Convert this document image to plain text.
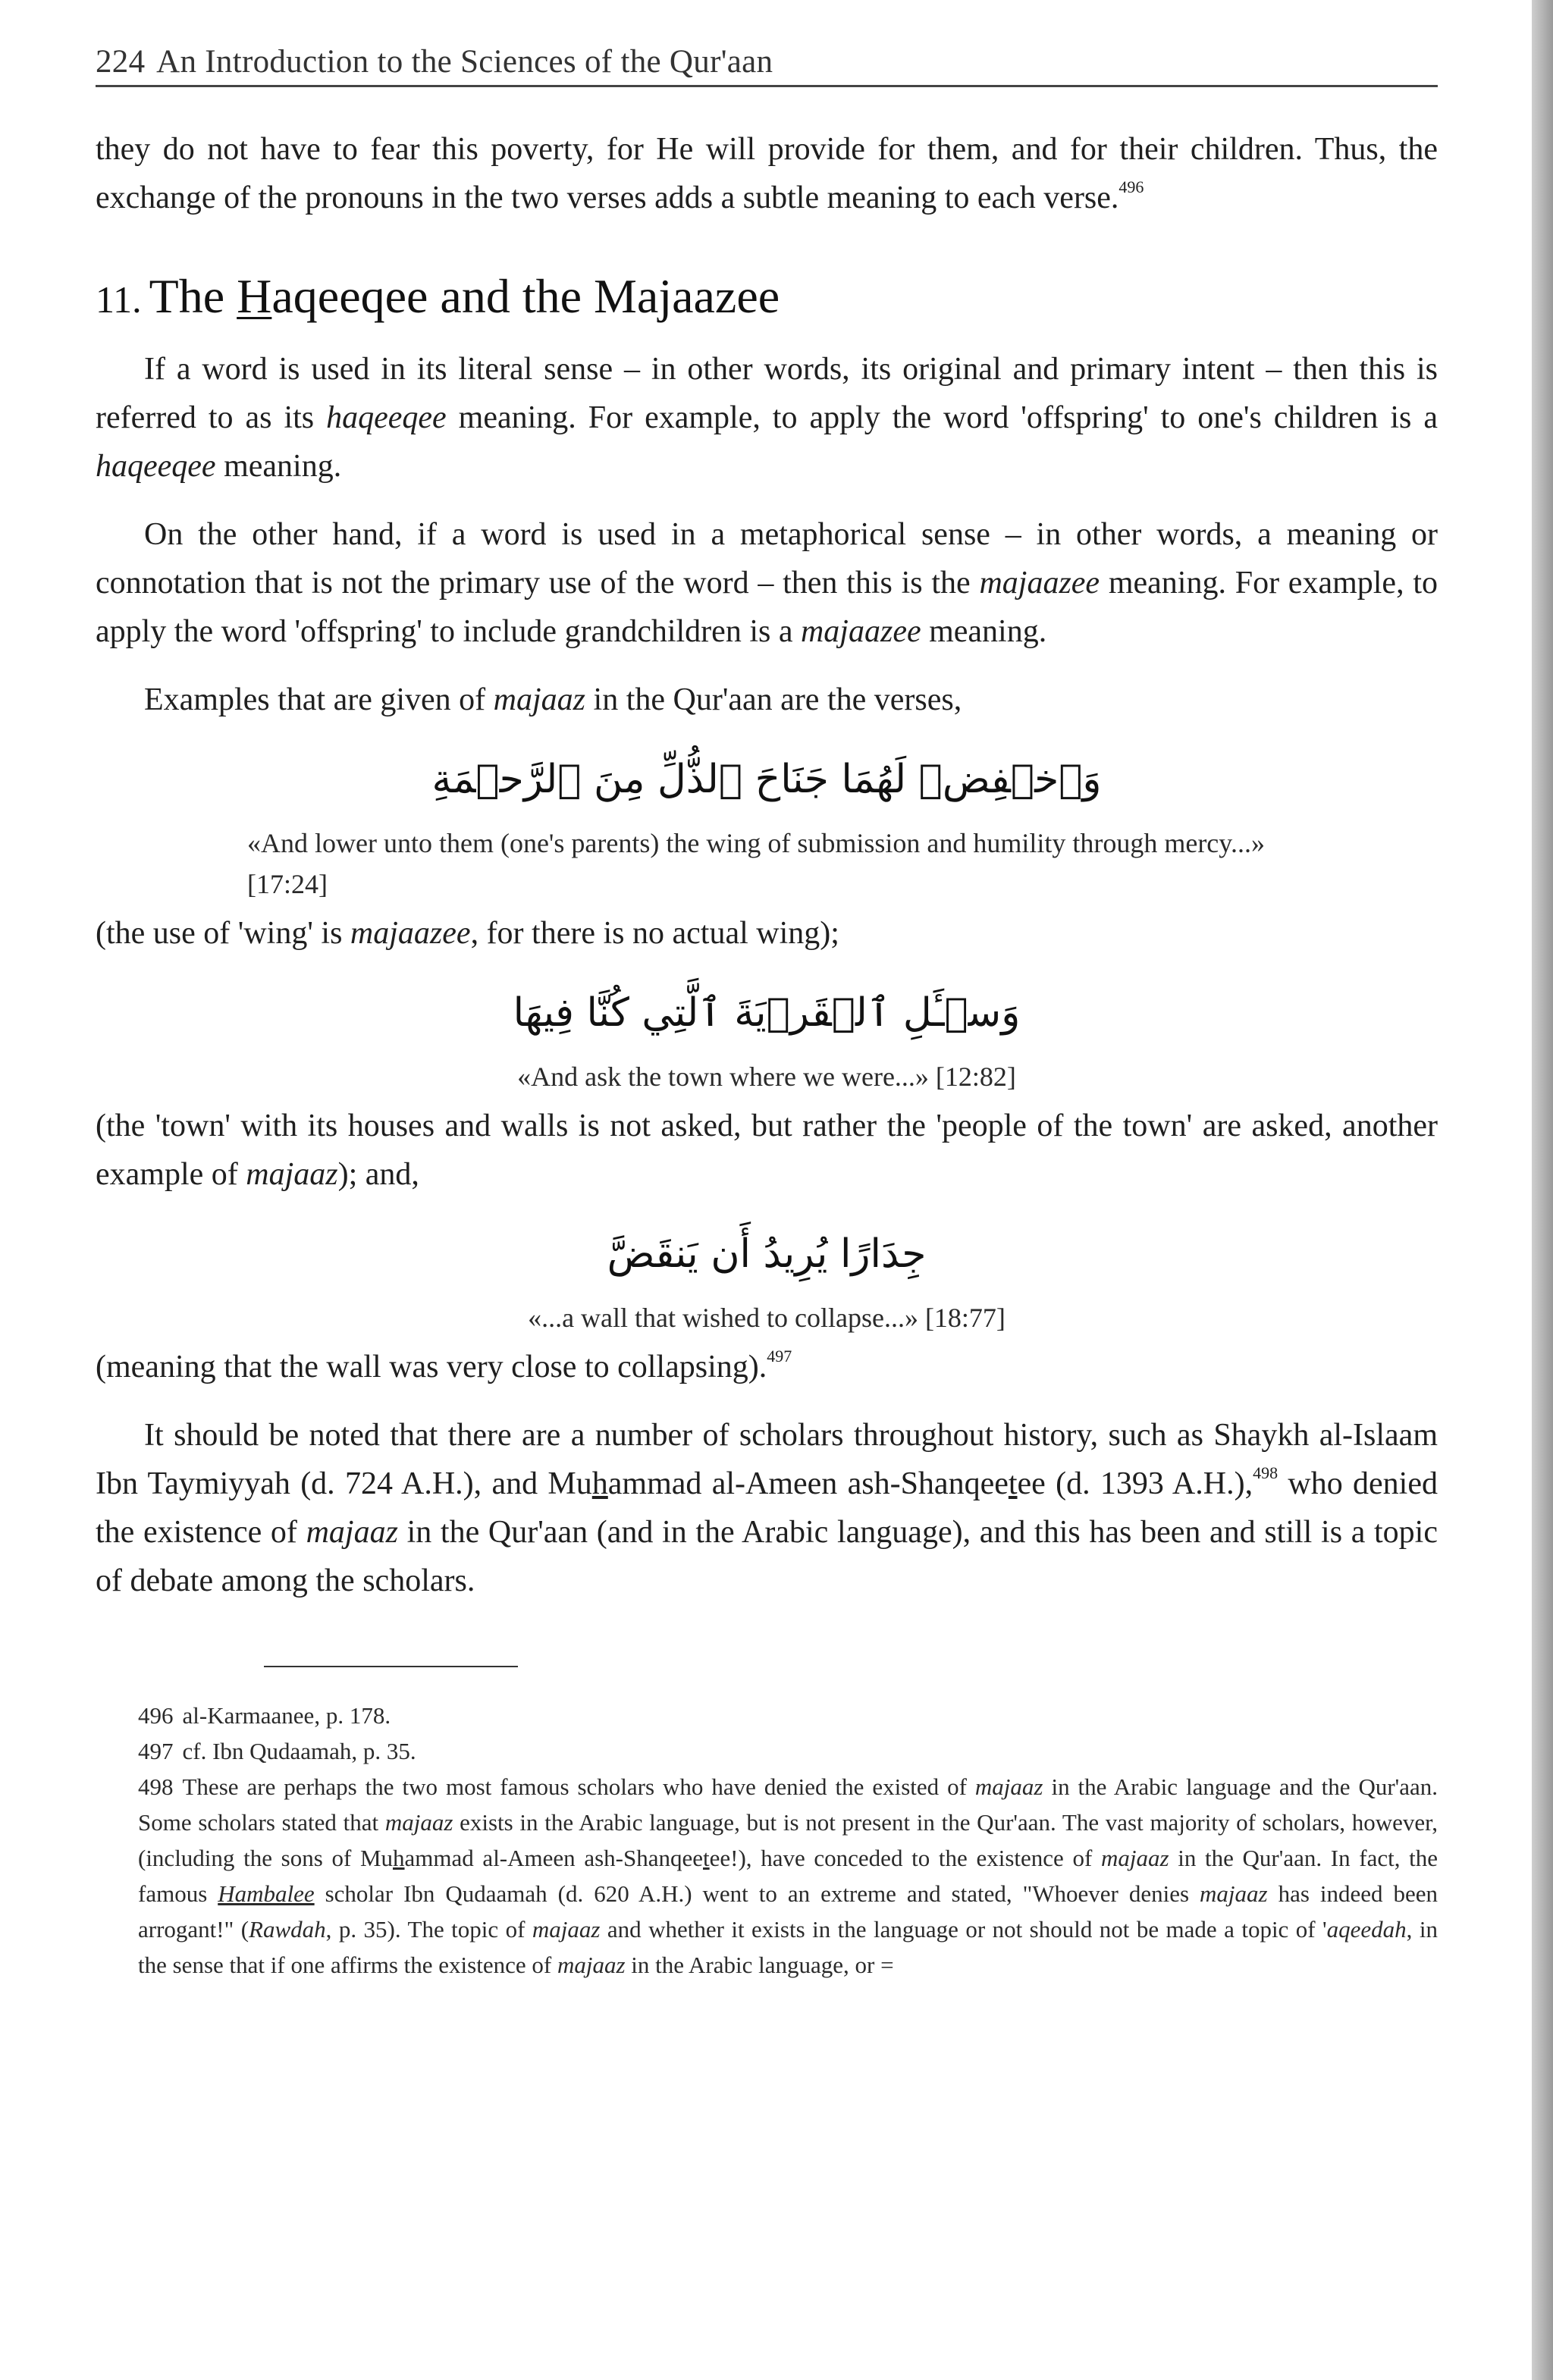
224 An Introduction to the Sciences of the Qur'aan

they do not have to fear this poverty, for He will provide for them, and for their children. Thus, the exchange of the pronouns in the two verses adds a subtle meaning to each verse.$^{496}$

11. The Haqeeqee and the Majaazee

If a word is used in its literal sense – in other words, its original and primary intent – then this is referred to as its haqeeqee meaning. For example, to apply the word 'offspring' to one's children is a haqeeqee meaning.

On the other hand, if a word is used in a metaphorical sense – in other words, a meaning or connotation that is not the primary use of the word – then this is the majaazee meaning. For example, to apply the word 'offspring' to include grandchildren is a majaazee meaning.

Examples that are given of majaaz in the Qur'aan are the verses,

وَٱخۡفِضۡ لَهُمَا جَنَاحَ ٱلذُّلِّ مِنَ ٱلرَّحۡمَةِ
«And lower unto them (one's parents) the wing of submission and humility through mercy...» [17:24]

(the use of 'wing' is majaazee, for there is no actual wing);

وَسۡـَٔلِ ٱلۡقَرۡيَةَ ٱلَّتِي كُنَّا فِيهَا
«And ask the town where we were...» [12:82]

(the 'town' with its houses and walls is not asked, but rather the 'people of the town' are asked, another example of majaaz); and,

جِدَارًا يُرِيدُ أَن يَنقَضَّ
«...a wall that wished to collapse...» [18:77]

(meaning that the wall was very close to collapsing).$^{497}$

It should be noted that there are a number of scholars throughout history, such as Shaykh al-Islaam Ibn Taymiyyah (d. 724 A.H.), and Muhammad al-Ameen ash-Shanqeetee (d. 1393 A.H.),$^{498}$ who denied the existence of majaaz in the Qur'aan (and in the Arabic language), and this has been and still is a topic of debate among the scholars.

496 al-Karmaanee, p. 178.
497 cf. Ibn Qudaamah, p. 35.
498 These are perhaps the two most famous scholars who have denied the existed of majaaz in the Arabic language and the Qur'aan. Some scholars stated that majaaz exists in the Arabic language, but is not present in the Qur'aan. The vast majority of scholars, however, (including the sons of Muhammad al-Ameen ash-Shanqeetee!), have conceded to the existence of majaaz in the Qur'aan. In fact, the famous Hambalee scholar Ibn Qudaamah (d. 620 A.H.) went to an extreme and stated, "Whoever denies majaaz has indeed been arrogant!" (Rawdah, p. 35). The topic of majaaz and whether it exists in the language or not should not be made a topic of 'aqeedah, in the sense that if one affirms the existence of majaaz in the Arabic language, or =
